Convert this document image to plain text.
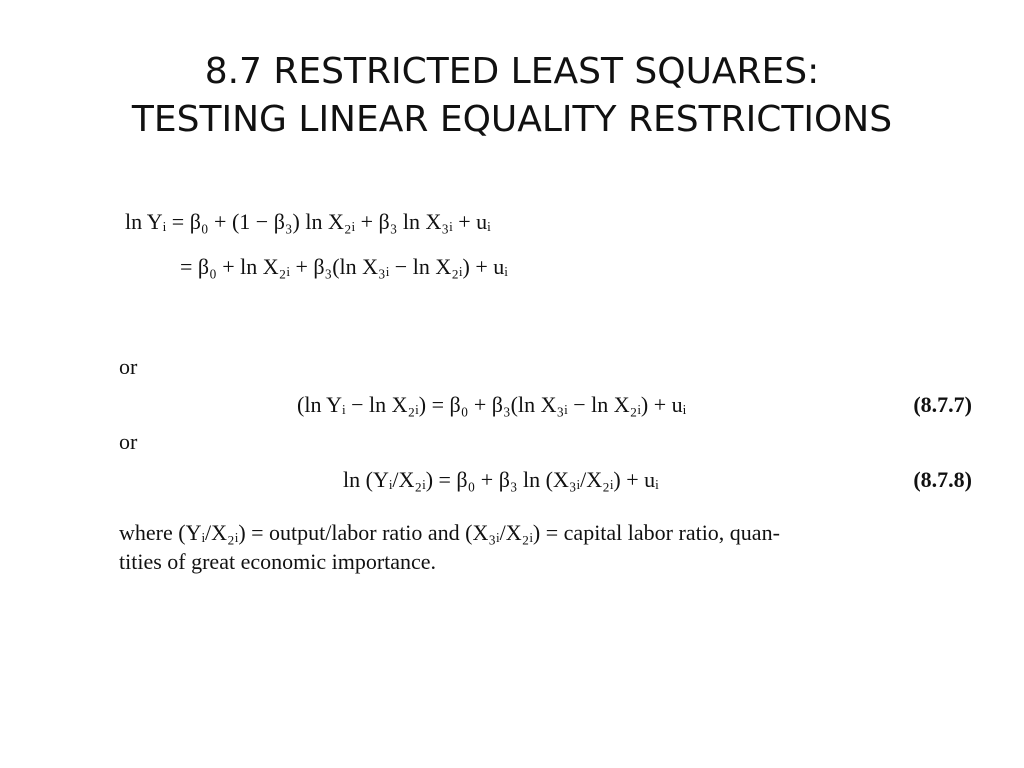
8.7 RESTRICTED LEAST SQUARES:
TESTING LINEAR EQUALITY RESTRICTIONS
ln Yᵢ = β₀ + (1 − β₃) ln X₂ᵢ + β₃ ln X₃ᵢ + uᵢ
= β₀ + ln X₂ᵢ + β₃(ln X₃ᵢ − ln X₂ᵢ) + uᵢ
or
(ln Yᵢ − ln X₂ᵢ) = β₀ + β₃(ln X₃ᵢ − ln X₂ᵢ) + uᵢ	(8.7.7)
or
ln (Yᵢ/X₂ᵢ) = β₀ + β₃ ln (X₃ᵢ/X₂ᵢ) + uᵢ	(8.7.8)
where (Yᵢ/X₂ᵢ) = output/labor ratio and (X₃ᵢ/X₂ᵢ) = capital labor ratio, quan-
tities of great economic importance.
